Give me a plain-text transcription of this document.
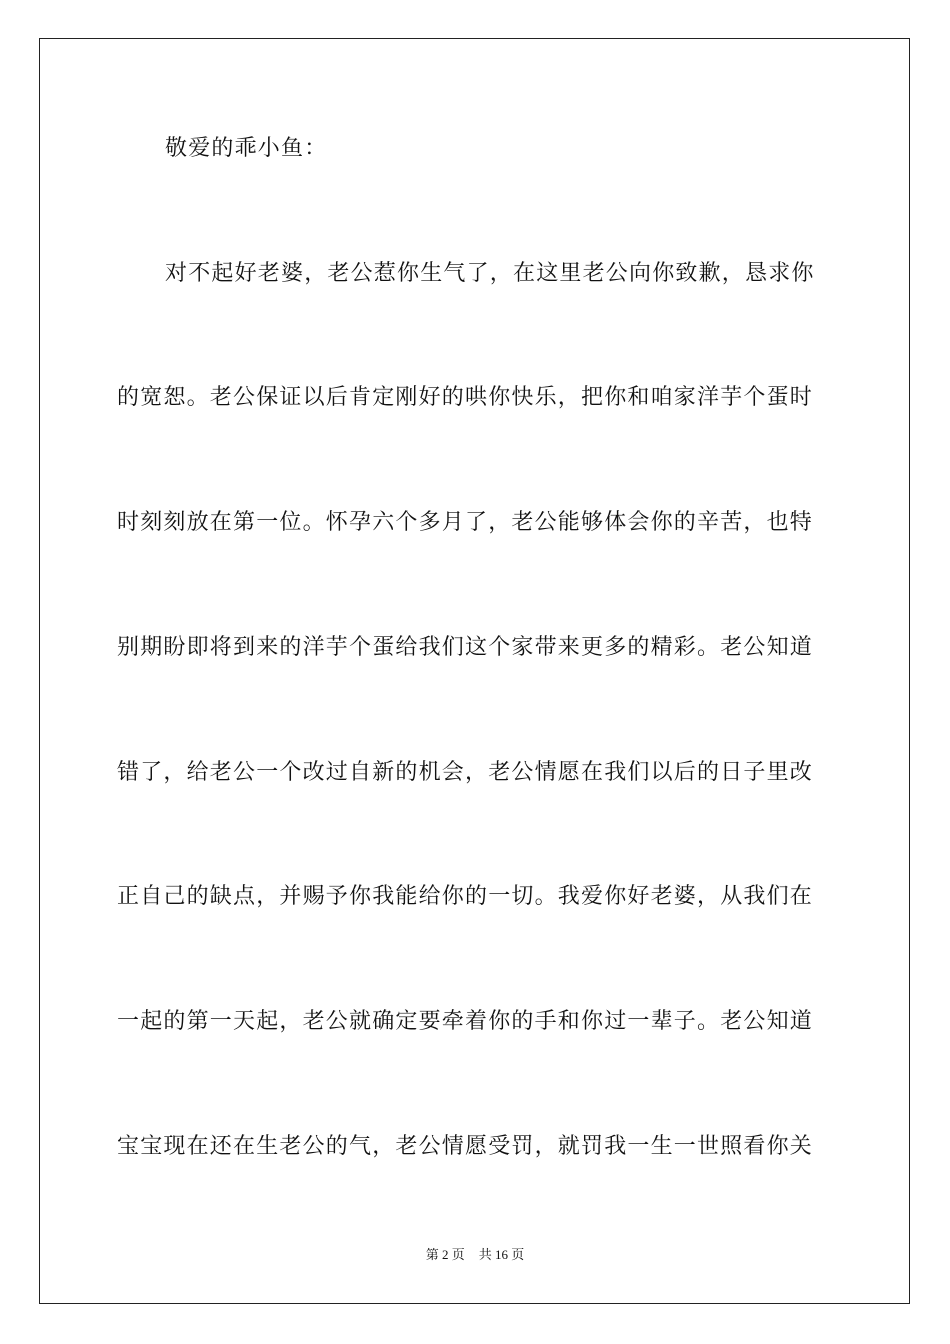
敬爱的乖小鱼：
对不起好老婆，老公惹你生气了，在这里老公向你致歉，恳求你
的宽恕。老公保证以后肯定刚好的哄你快乐，把你和咱家洋芋个蛋时
时刻刻放在第一位。怀孕六个多月了，老公能够体会你的辛苦，也特
别期盼即将到来的洋芋个蛋给我们这个家带来更多的精彩。老公知道
错了，给老公一个改过自新的机会，老公情愿在我们以后的日子里改
正自己的缺点，并赐予你我能给你的一切。我爱你好老婆，从我们在
一起的第一天起，老公就确定要牵着你的手和你过一辈子。老公知道
宝宝现在还在生老公的气，老公情愿受罚，就罚我一生一世照看你关
第 2 页 共 16 页
